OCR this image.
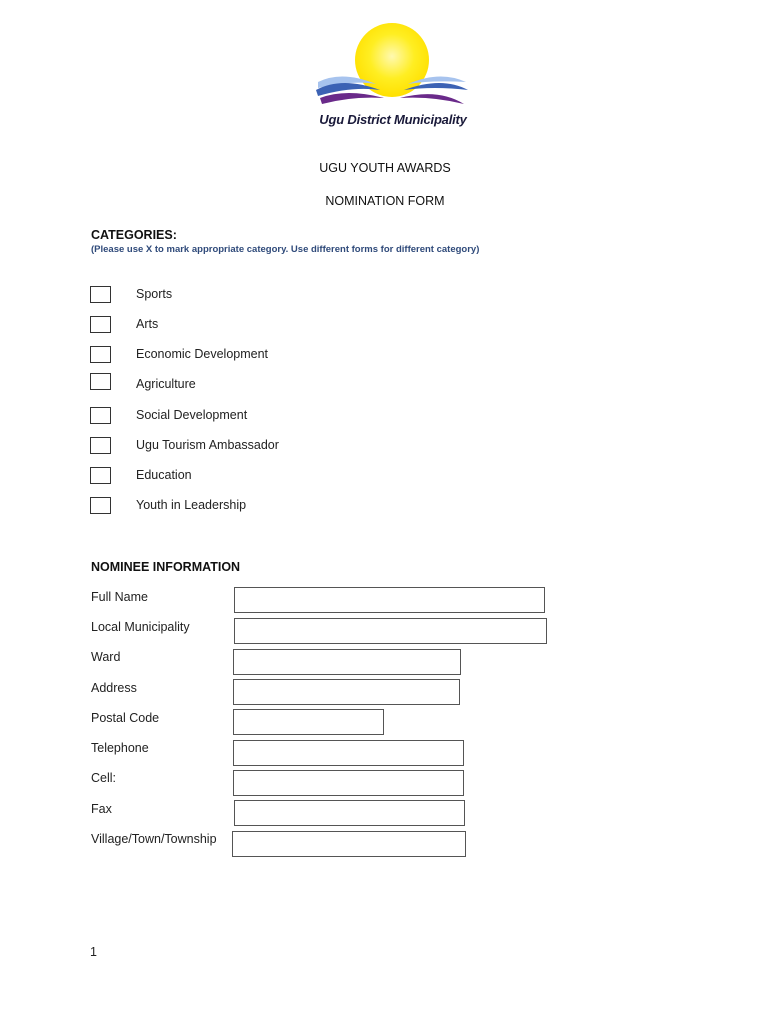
Ugu District Municipality
UGU YOUTH AWARDS
NOMINATION FORM
CATEGORIES:
(Please use X to mark appropriate category. Use different forms for different category)
Sports
Arts
Economic Development
Agriculture
Social Development
Ugu Tourism Ambassador
Education
Youth in Leadership
NOMINEE INFORMATION
Full Name
Local Municipality
Ward
Address
Postal Code
Telephone
Cell:
Fax
Village/Town/Township
1
